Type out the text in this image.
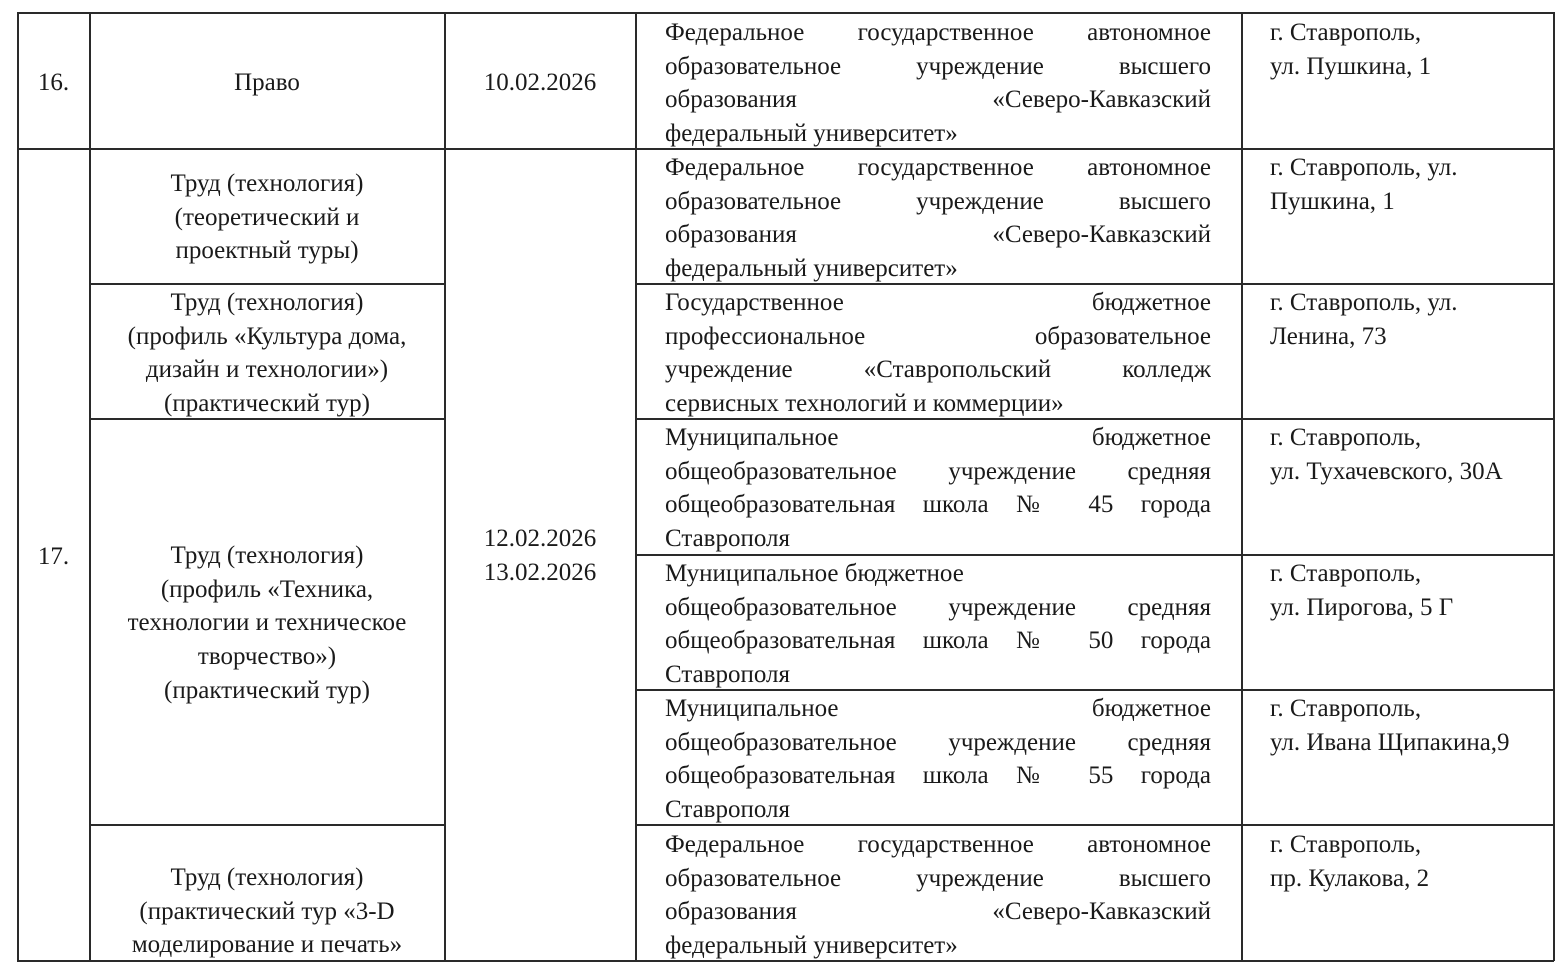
16.	Право	10.02.2026
Федеральное государственное автономное
образовательное учреждение высшего
образования «Северо-Кавказский
федеральный университет»
г. Ставрополь,
ул. Пушкина, 1
17.
12.02.2026
13.02.2026
Труд (технология)
(теоретический и
проектный туры)
Федеральное государственное автономное
образовательное учреждение высшего
образования «Северо-Кавказский
федеральный университет»
г. Ставрополь, ул.
Пушкина, 1
Труд (технология)
(профиль «Культура дома,
дизайн и технологии»)
(практический тур)
Государственное бюджетное
профессиональное образовательное
учреждение «Ставропольский колледж
сервисных технологий и коммерции»
г. Ставрополь, ул.
Ленина, 73
Труд (технология)
(профиль «Техника,
технологии и техническое
творчество»)
(практический тур)
Муниципальное бюджетное
общеобразовательное учреждение средняя
общеобразовательная школа № 45 города
Ставрополя
г. Ставрополь,
ул. Тухачевского, 30А
Муниципальное бюджетное
общеобразовательное учреждение средняя
общеобразовательная школа № 50 города
Ставрополя
г. Ставрополь,
ул. Пирогова, 5 Г
Муниципальное бюджетное
общеобразовательное учреждение средняя
общеобразовательная школа № 55 города
Ставрополя
г. Ставрополь,
ул. Ивана Щипакина,9
Труд (технология)
(практический тур «3-D
моделирование и печать»
Федеральное государственное автономное
образовательное учреждение высшего
образования «Северо-Кавказский
федеральный университет»
г. Ставрополь,
пр. Кулакова, 2
